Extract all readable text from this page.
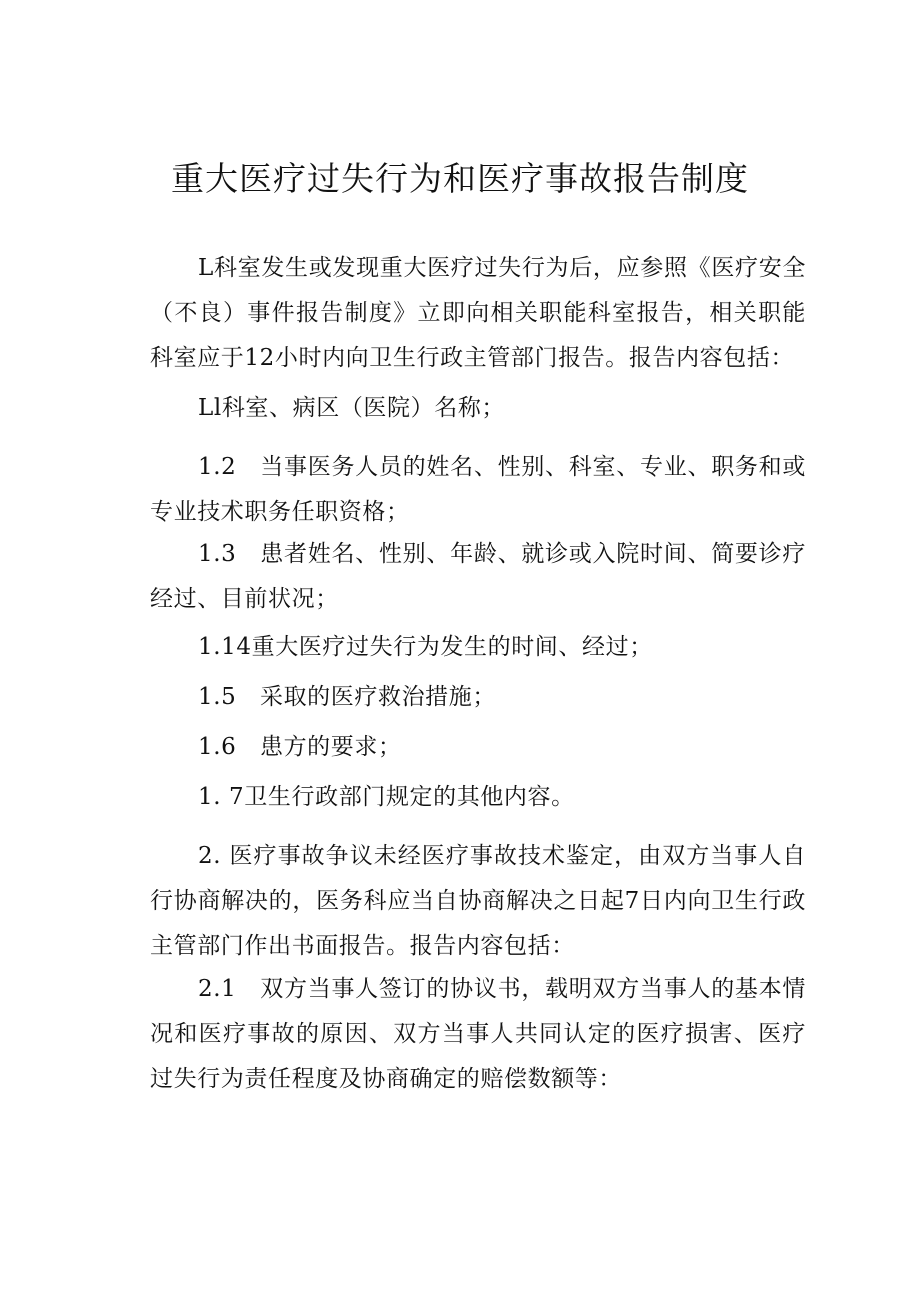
重大医疗过失行为和医疗事故报告制度

L科室发生或发现重大医疗过失行为后，应参照《医疗安全（不良）事件报告制度》立即向相关职能科室报告，相关职能科室应于12小时内向卫生行政主管部门报告。报告内容包括：

Ll科室、病区（医院）名称；

1.2　当事医务人员的姓名、性别、科室、专业、职务和或专业技术职务任职资格；

1.3　患者姓名、性别、年龄、就诊或入院时间、简要诊疗经过、目前状况；

1.14重大医疗过失行为发生的时间、经过；

1.5　采取的医疗救治措施；

1.6　患方的要求；

1. 7卫生行政部门规定的其他内容。

2. 医疗事故争议未经医疗事故技术鉴定，由双方当事人自行协商解决的，医务科应当自协商解决之日起7日内向卫生行政主管部门作出书面报告。报告内容包括：

2.1　双方当事人签订的协议书，载明双方当事人的基本情况和医疗事故的原因、双方当事人共同认定的医疗损害、医疗过失行为责任程度及协商确定的赔偿数额等：
